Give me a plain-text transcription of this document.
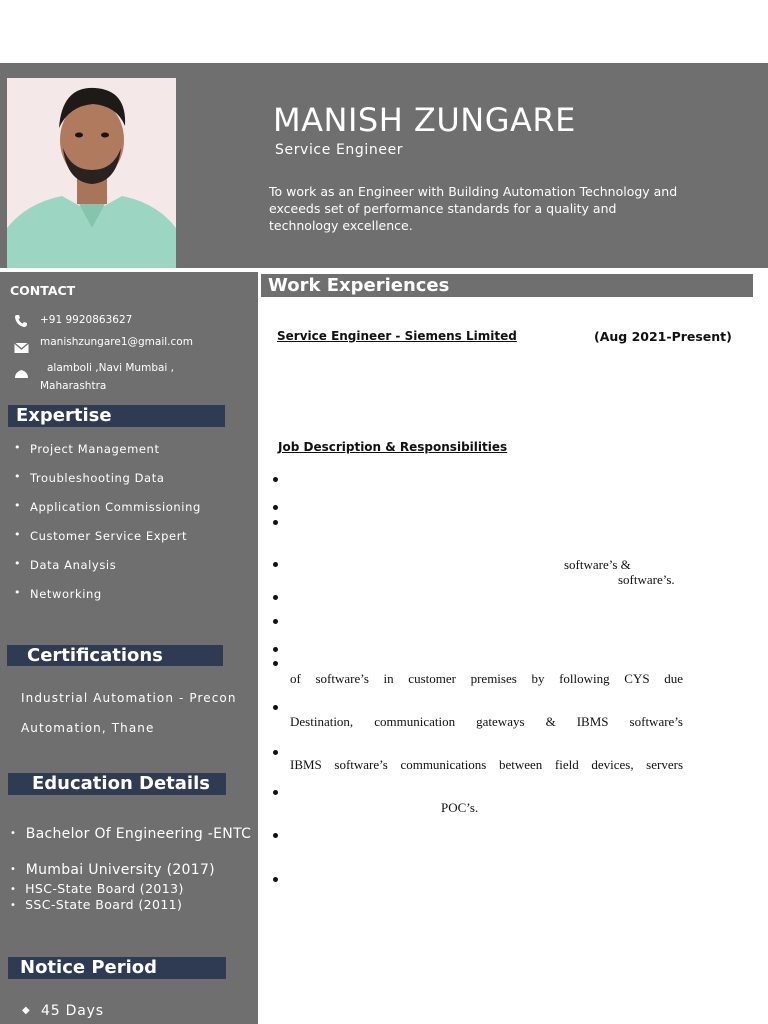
MANISH ZUNGARE
Service Engineer
To work as an Engineer with Building Automation Technology and
exceeds set of performance standards for a quality and
technology excellence.
CONTACT
+91 9920863627
manishzungare1@gmail.com
alamboli ,Navi Mumbai ,
Maharashtra
Expertise
• Project Management
• Troubleshooting Data
• Application Commissioning
• Customer Service Expert
• Data Analysis
• Networking
Certifications
Industrial Automation - Precon
Automation, Thane
Education Details
• Bachelor Of Engineering -ENTC
• Mumbai University (2017)
• HSC-State Board (2013)
• SSC-State Board (2011)
Notice Period
◆ 45 Days
Work Experiences
Service Engineer - Siemens Limited	(Aug 2021-Present)
Job Description & Responsibilities
software’s &
software’s.
of software’s in customer premises by following CYS due
Destination, communication gateways & IBMS software’s
IBMS software’s communications between field devices, servers
POC’s.
